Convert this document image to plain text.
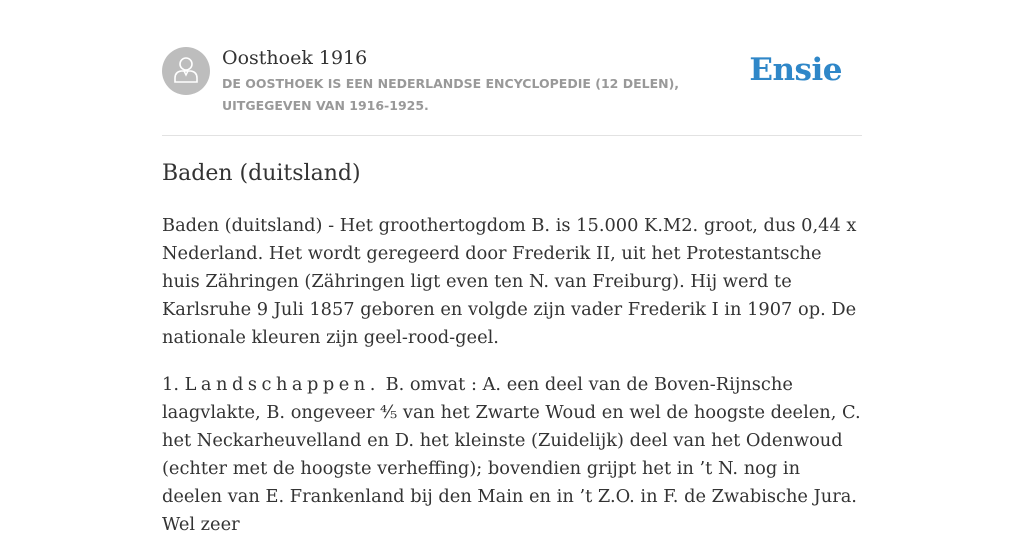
Oosthoek 1916
DE OOSTHOEK IS EEN NEDERLANDSE ENCYCLOPEDIE (12 DELEN), UITGEGEVEN VAN 1916-1925.
Ensie
Baden (duitsland)

Baden (duitsland) - Het groothertogdom B. is 15.000 K.M2. groot, dus 0,44 x Nederland. Het wordt geregeerd door Frederik II, uit het Protestantsche huis Zähringen (Zähringen ligt even ten N. van Freiburg). Hij werd te Karlsruhe 9 Juli 1857 geboren en volgde zijn vader Frederik I in 1907 op. De nationale kleuren zijn geel-rood-geel.

1. Landschappen. B. omvat : A. een deel van de Boven-Rijnsche laagvlakte, B. ongeveer ⅘ van het Zwarte Woud en wel de hoogste deelen, C. het Neckarheuvelland en D. het kleinste (Zuidelijk) deel van het Odenwoud (echter met de hoogste verheffing); bovendien grijpt het in ’t N. nog in deelen van E. Frankenland bij den Main en in ’t Z.O. in F. de Zwabische Jura. Wel zeer
